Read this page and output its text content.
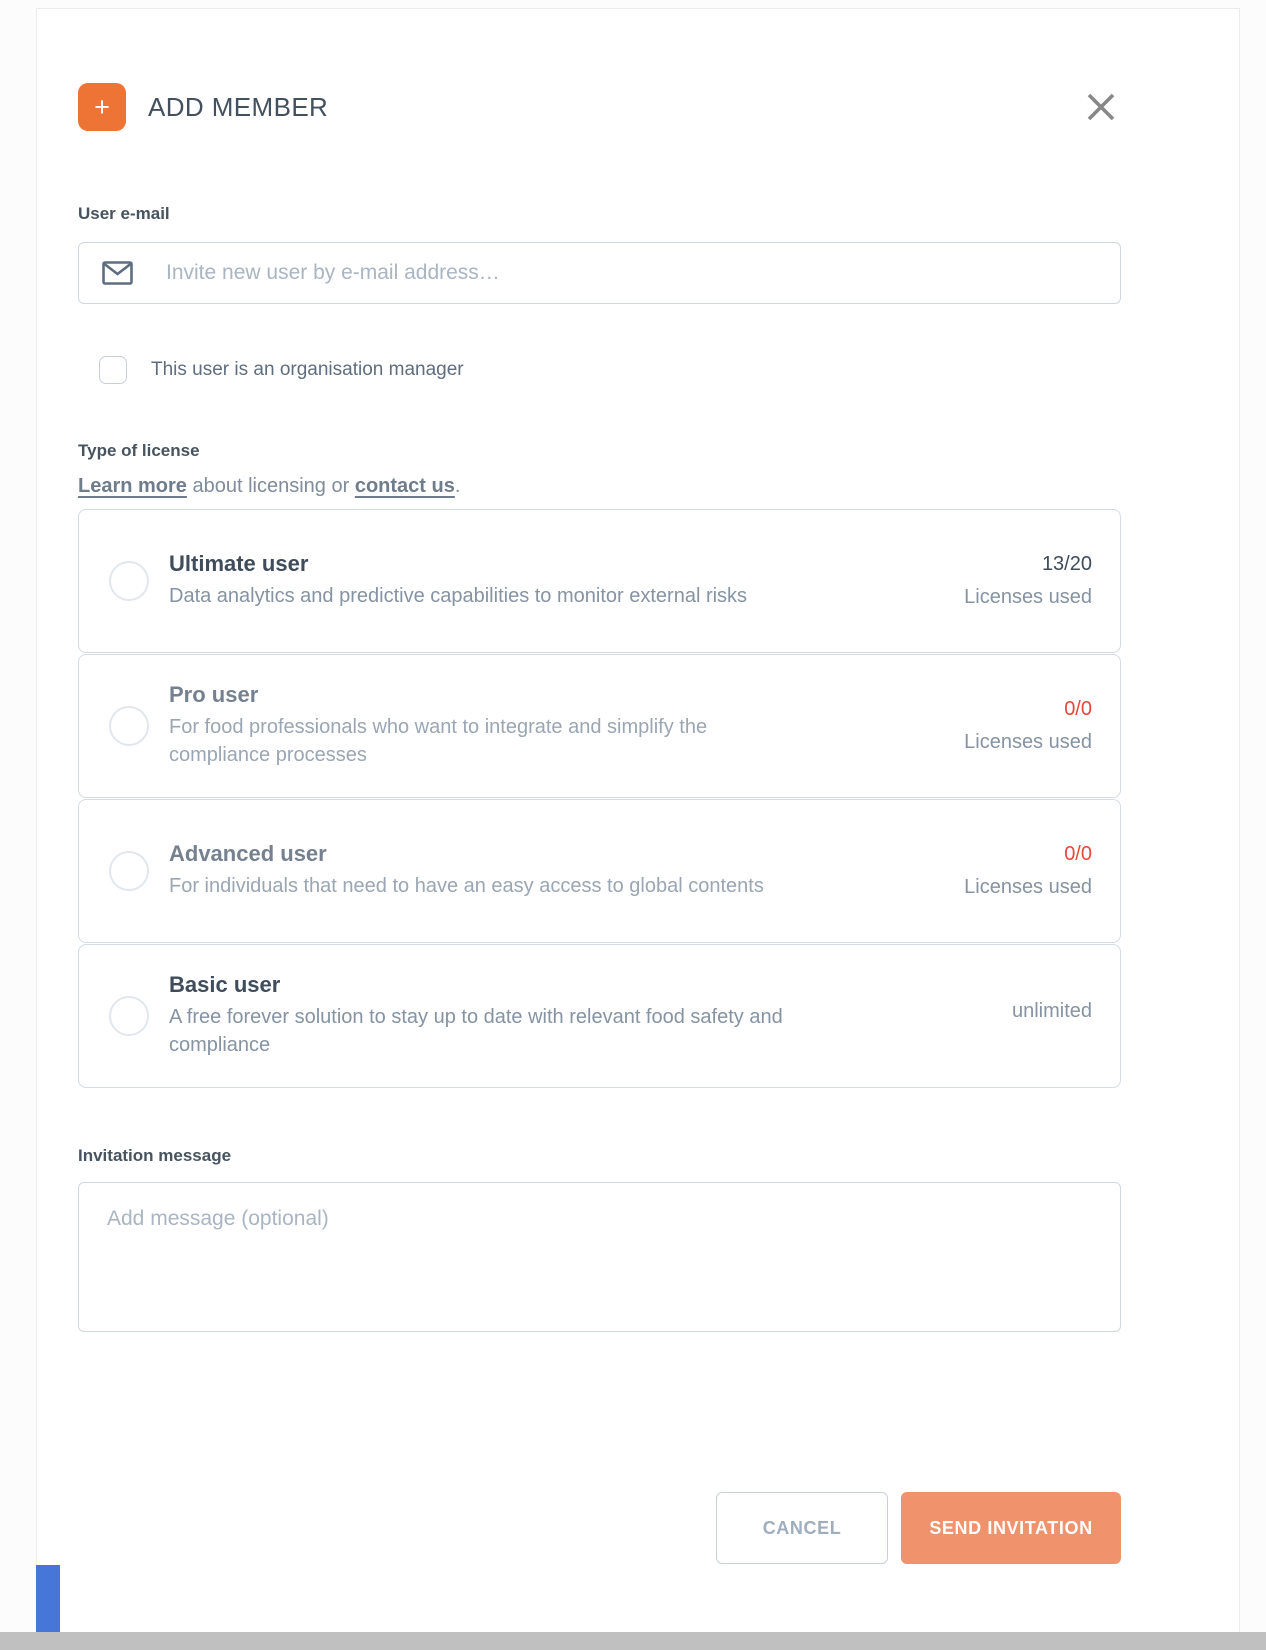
+ ADD MEMBER
User e-mail
Invite new user by e-mail address…
This user is an organisation manager
Type of license

Learn more about licensing or contact us.

Ultimate user
Data analytics and predictive capabilities to monitor external risks
13/20
Licenses used
Pro user
For food professionals who want to integrate and simplify the compliance processes
0/0
Licenses used
Advanced user
For individuals that need to have an easy access to global contents
0/0
Licenses used
Basic user
A free forever solution to stay up to date with relevant food safety and compliance
unlimited
Invitation message
Add message (optional)
CANCEL	SEND INVITATION
